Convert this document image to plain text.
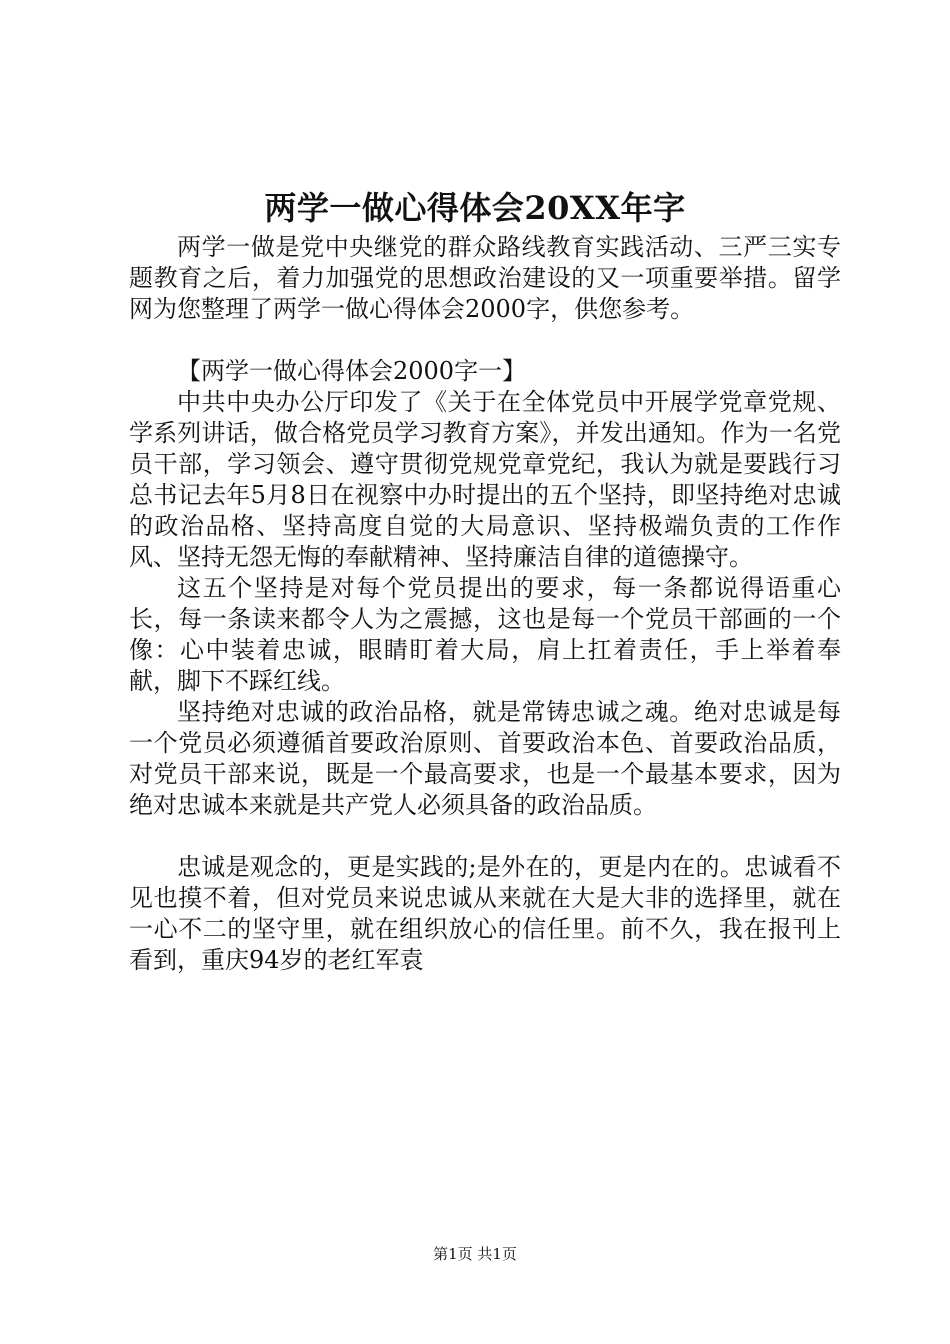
两学一做心得体会20XX年字

两学一做是党中央继党的群众路线教育实践活动、三严三实专题教育之后，着力加强党的思想政治建设的又一项重要举措。留学网为您整理了两学一做心得体会2000字，供您参考。

【两学一做心得体会2000字一】

中共中央办公厅印发了《关于在全体党员中开展学党章党规、学系列讲话，做合格党员学习教育方案》，并发出通知。作为一名党员干部，学习领会、遵守贯彻党规党章党纪，我认为就是要践行习总书记去年5月8日在视察中办时提出的五个坚持，即坚持绝对忠诚的政治品格、坚持高度自觉的大局意识、坚持极端负责的工作作风、坚持无怨无悔的奉献精神、坚持廉洁自律的道德操守。

这五个坚持是对每个党员提出的要求，每一条都说得语重心长，每一条读来都令人为之震撼，这也是每一个党员干部画的一个像：心中装着忠诚，眼睛盯着大局，肩上扛着责任，手上举着奉献，脚下不踩红线。

坚持绝对忠诚的政治品格，就是常铸忠诚之魂。绝对忠诚是每一个党员必须遵循首要政治原则、首要政治本色、首要政治品质，对党员干部来说，既是一个最高要求，也是一个最基本要求，因为绝对忠诚本来就是共产党人必须具备的政治品质。

忠诚是观念的，更是实践的;是外在的，更是内在的。忠诚看不见也摸不着，但对党员来说忠诚从来就在大是大非的选择里，就在一心不二的坚守里，就在组织放心的信任里。前不久，我在报刊上看到，重庆94岁的老红军袁

第1页 共1页
